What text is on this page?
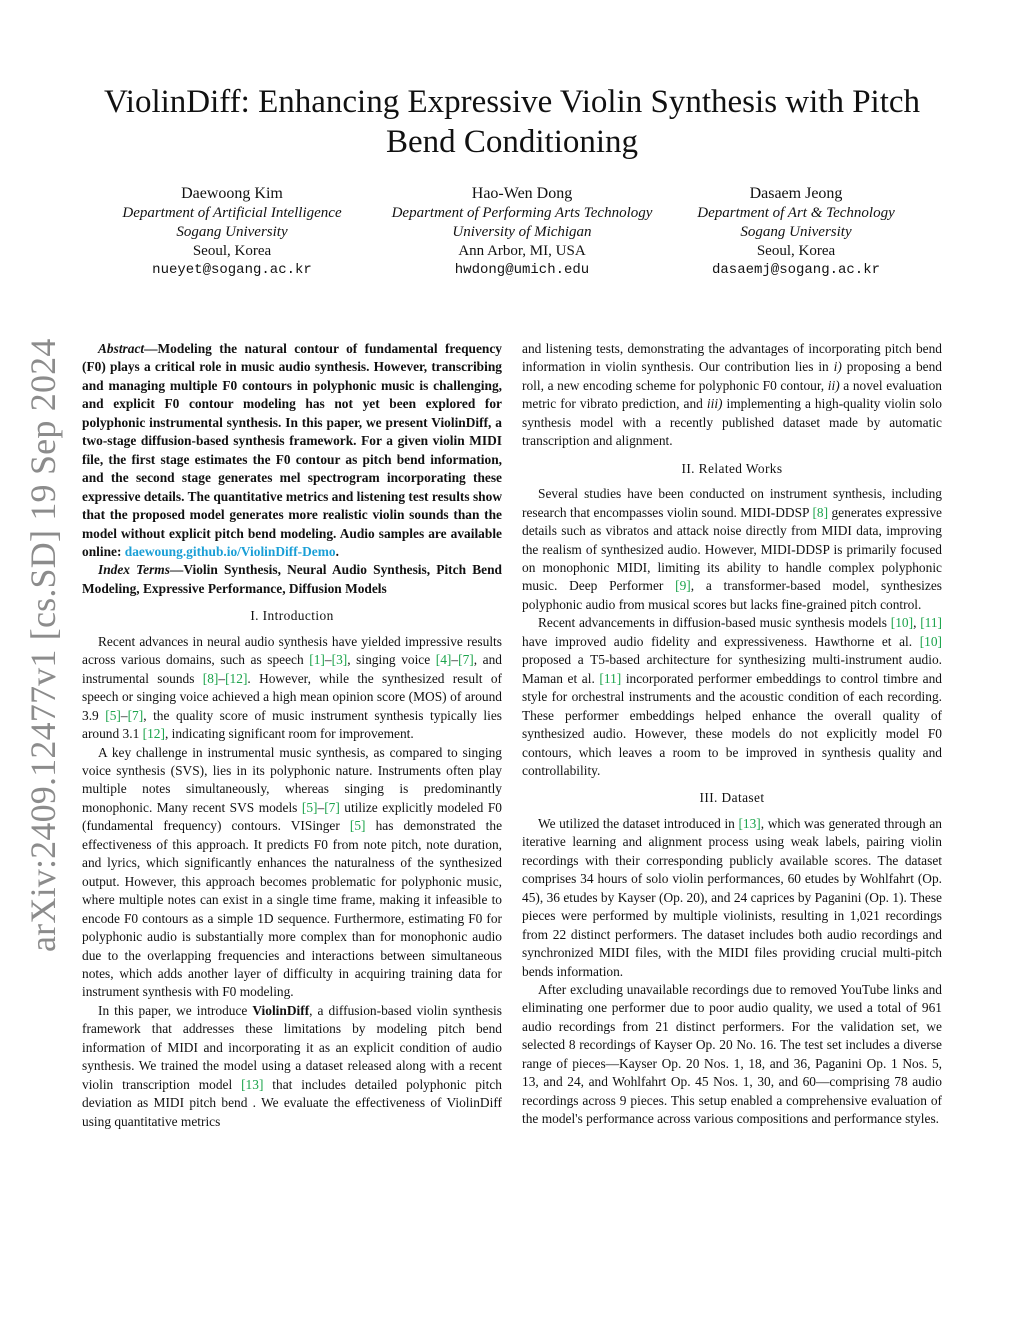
arXiv:2409.12477v1 [cs.SD] 19 Sep 2024
ViolinDiff: Enhancing Expressive Violin Synthesis with Pitch Bend Conditioning
Daewoong Kim
Department of Artificial Intelligence
Sogang University
Seoul, Korea
nueyet@sogang.ac.kr
Hao-Wen Dong
Department of Performing Arts Technology
University of Michigan
Ann Arbor, MI, USA
hwdong@umich.edu
Dasaem Jeong
Department of Art & Technology
Sogang University
Seoul, Korea
dasaemj@sogang.ac.kr

Abstract—Modeling the natural contour of fundamental frequency (F0) plays a critical role in music audio synthesis. However, transcribing and managing multiple F0 contours in polyphonic music is challenging, and explicit F0 contour modeling has not yet been explored for polyphonic instrumental synthesis. In this paper, we present ViolinDiff, a two-stage diffusion-based synthesis framework. For a given violin MIDI file, the first stage estimates the F0 contour as pitch bend information, and the second stage generates mel spectrogram incorporating these expressive details. The quantitative metrics and listening test results show that the proposed model generates more realistic violin sounds than the model without explicit pitch bend modeling. Audio samples are available online: daewoung.github.io/ViolinDiff-Demo.

Index Terms—Violin Synthesis, Neural Audio Synthesis, Pitch Bend Modeling, Expressive Performance, Diffusion Models

I. Introduction

Recent advances in neural audio synthesis have yielded impressive results across various domains, such as speech [1]–[3], singing voice [4]–[7], and instrumental sounds [8]–[12]. However, while the synthesized result of speech or singing voice achieved a high mean opinion score (MOS) of around 3.9 [5]–[7], the quality score of music instrument synthesis typically lies around 3.1 [12], indicating significant room for improvement.

A key challenge in instrumental music synthesis, as compared to singing voice synthesis (SVS), lies in its polyphonic nature. Instruments often play multiple notes simultaneously, whereas singing is predominantly monophonic. Many recent SVS models [5]–[7] utilize explicitly modeled F0 (fundamental frequency) contours. VISinger [5] has demonstrated the effectiveness of this approach. It predicts F0 from note pitch, note duration, and lyrics, which significantly enhances the naturalness of the synthesized output. However, this approach becomes problematic for polyphonic music, where multiple notes can exist in a single time frame, making it infeasible to encode F0 contours as a simple 1D sequence. Furthermore, estimating F0 for polyphonic audio is substantially more complex than for monophonic audio due to the overlapping frequencies and interactions between simultaneous notes, which adds another layer of difficulty in acquiring training data for instrument synthesis with F0 modeling.

In this paper, we introduce ViolinDiff, a diffusion-based violin synthesis framework that addresses these limitations by modeling pitch bend information of MIDI and incorporating it as an explicit condition of audio synthesis. We trained the model using a dataset released along with a recent violin transcription model [13] that includes detailed polyphonic pitch deviation as MIDI pitch bend . We evaluate the effectiveness of ViolinDiff using quantitative metrics

and listening tests, demonstrating the advantages of incorporating pitch bend information in violin synthesis. Our contribution lies in i) proposing a bend roll, a new encoding scheme for polyphonic F0 contour, ii) a novel evaluation metric for vibrato prediction, and iii) implementing a high-quality violin solo synthesis model with a recently published dataset made by automatic transcription and alignment.

II. Related Works

Several studies have been conducted on instrument synthesis, including research that encompasses violin sound. MIDI-DDSP [8] generates expressive details such as vibratos and attack noise directly from MIDI data, improving the realism of synthesized audio. However, MIDI-DDSP is primarily focused on monophonic MIDI, limiting its ability to handle complex polyphonic music. Deep Performer [9], a transformer-based model, synthesizes polyphonic audio from musical scores but lacks fine-grained pitch control.

Recent advancements in diffusion-based music synthesis models [10], [11] have improved audio fidelity and expressiveness. Hawthorne et al. [10] proposed a T5-based architecture for synthesizing multi-instrument audio. Maman et al. [11] incorporated performer embeddings to control timbre and style for orchestral instruments and the acoustic condition of each recording. These performer embeddings helped enhance the overall quality of synthesized audio. However, these models do not explicitly model F0 contours, which leaves a room to be improved in synthesis quality and controllability.

III. Dataset

We utilized the dataset introduced in [13], which was generated through an iterative learning and alignment process using weak labels, pairing violin recordings with their corresponding publicly available scores. The dataset comprises 34 hours of solo violin performances, 60 etudes by Wohlfahrt (Op. 45), 36 etudes by Kayser (Op. 20), and 24 caprices by Paganini (Op. 1). These pieces were performed by multiple violinists, resulting in 1,021 recordings from 22 distinct performers. The dataset includes both audio recordings and synchronized MIDI files, with the MIDI files providing crucial multi-pitch bends information.

After excluding unavailable recordings due to removed YouTube links and eliminating one performer due to poor audio quality, we used a total of 961 audio recordings from 21 distinct performers. For the validation set, we selected 8 recordings of Kayser Op. 20 No. 16. The test set includes a diverse range of pieces—Kayser Op. 20 Nos. 1, 18, and 36, Paganini Op. 1 Nos. 5, 13, and 24, and Wohlfahrt Op. 45 Nos. 1, 30, and 60—comprising 78 audio recordings across 9 pieces. This setup enabled a comprehensive evaluation of the model's performance across various compositions and performance styles.
